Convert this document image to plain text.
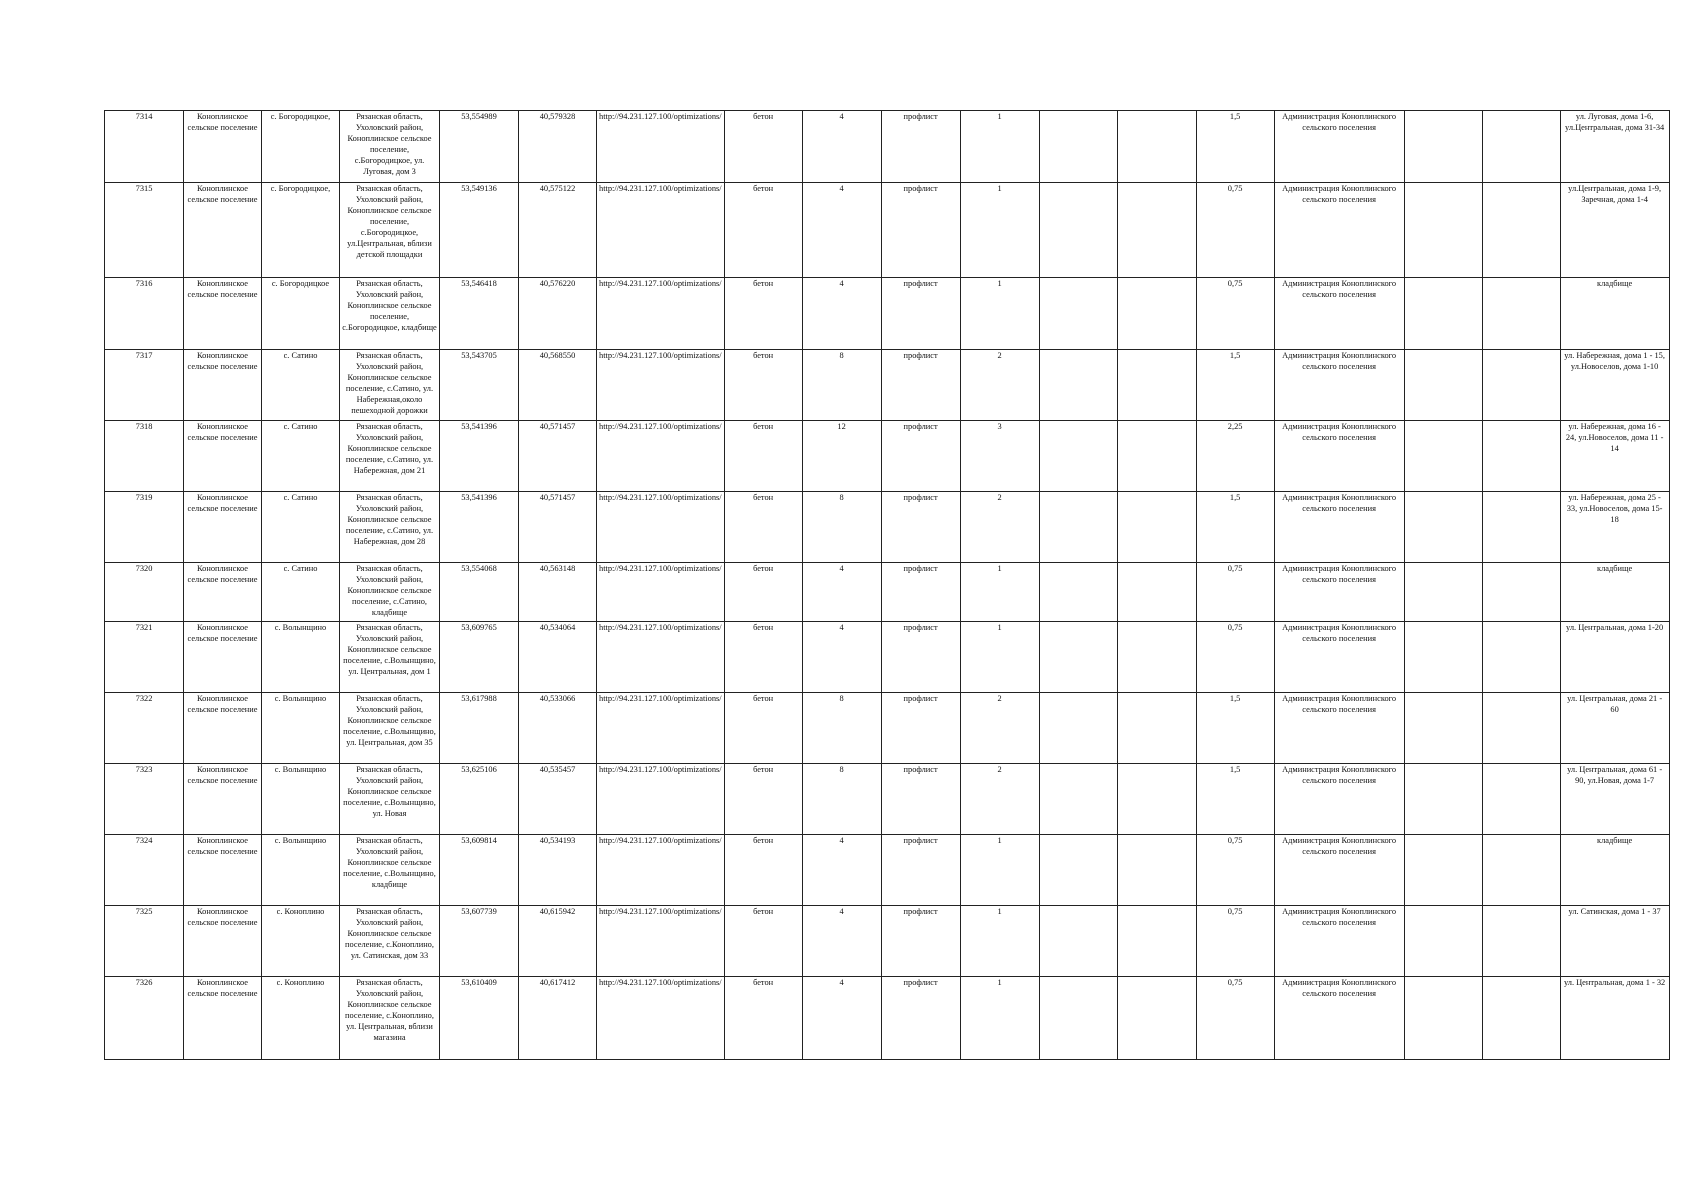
7314	Коноплинское сельское поселение	с. Богородицкое,	Рязанская область, Ухоловский район, Коноплинское сельское поселение, с.Богородицкое, ул. Луговая, дом 3	53,554989	40,579328	http://94.231.127.100/optimizations/	бетон	4	профлист	1			1,5	Администрация Коноплинского сельского поселения			ул. Луговая, дома 1-6, ул.Центральная, дома 31-34
7315	Коноплинское сельское поселение	с. Богородицкое,	Рязанская область, Ухоловский район, Коноплинское сельское поселение, с.Богородицкое, ул.Центральная, вблизи детской площадки	53,549136	40,575122	http://94.231.127.100/optimizations/	бетон	4	профлист	1			0,75	Администрация Коноплинского сельского поселения			ул.Центральная, дома 1-9, Заречная, дома 1-4
7316	Коноплинское сельское поселение	с. Богородицкое	Рязанская область, Ухоловский район, Коноплинское сельское поселение, с.Богородицкое, кладбище	53,546418	40,576220	http://94.231.127.100/optimizations/	бетон	4	профлист	1			0,75	Администрация Коноплинского сельского поселения			кладбище
7317	Коноплинское сельское поселение	с. Сатино	Рязанская область, Ухоловский район, Коноплинское сельское поселение, с.Сатино, ул. Набережная,около пешеходной дорожки	53,543705	40,568550	http://94.231.127.100/optimizations/	бетон	8	профлист	2			1,5	Администрация Коноплинского сельского поселения			ул. Набережная, дома 1 - 15, ул.Новоселов, дома 1-10
7318	Коноплинское сельское поселение	с. Сатино	Рязанская область, Ухоловский район, Коноплинское сельское поселение, с.Сатино, ул. Набережная, дом 21	53,541396	40,571457	http://94.231.127.100/optimizations/	бетон	12	профлист	3			2,25	Администрация Коноплинского сельского поселения			ул. Набережная, дома 16 - 24, ул.Новоселов, дома 11 - 14
7319	Коноплинское сельское поселение	с. Сатино	Рязанская область, Ухоловский район, Коноплинское сельское поселение, с.Сатино, ул. Набережная, дом 28	53,541396	40,571457	http://94.231.127.100/optimizations/	бетон	8	профлист	2			1,5	Администрация Коноплинского сельского поселения			ул. Набережная, дома 25 - 33, ул.Новоселов, дома 15-18
7320	Коноплинское сельское поселение	с. Сатино	Рязанская область, Ухоловский район, Коноплинское сельское поселение, с.Сатино, кладбище	53,554068	40,563148	http://94.231.127.100/optimizations/	бетон	4	профлист	1			0,75	Администрация Коноплинского сельского поселения			кладбище
7321	Коноплинское сельское поселение	с. Волынщино	Рязанская область, Ухоловский район, Коноплинское сельское поселение, с.Волынщино, ул. Центральная, дом 1	53,609765	40,534064	http://94.231.127.100/optimizations/	бетон	4	профлист	1			0,75	Администрация Коноплинского сельского поселения			ул. Центральная, дома 1-20
7322	Коноплинское сельское поселение	с. Волынщино	Рязанская область, Ухоловский район, Коноплинское сельское поселение, с.Волынщино, ул. Центральная, дом 35	53,617988	40,533066	http://94.231.127.100/optimizations/	бетон	8	профлист	2			1,5	Администрация Коноплинского сельского поселения			ул. Центральная, дома 21 - 60
7323	Коноплинское сельское поселение	с. Волынщино	Рязанская область, Ухоловский район, Коноплинское сельское поселение, с.Волынщино, ул. Новая	53,625106	40,535457	http://94.231.127.100/optimizations/	бетон	8	профлист	2			1,5	Администрация Коноплинского сельского поселения			ул. Центральная, дома 61 - 90, ул.Новая, дома 1-7
7324	Коноплинское сельское поселение	с. Волынщино	Рязанская область, Ухоловский район, Коноплинское сельское поселение, с.Волынщино, кладбище	53,609814	40,534193	http://94.231.127.100/optimizations/	бетон	4	профлист	1			0,75	Администрация Коноплинского сельского поселения			кладбище
7325	Коноплинское сельское поселение	с. Коноплино	Рязанская область, Ухоловский район, Коноплинское сельское поселение, с.Коноплино, ул. Сатинская, дом 33	53,607739	40,615942	http://94.231.127.100/optimizations/	бетон	4	профлист	1			0,75	Администрация Коноплинского сельского поселения			ул. Сатинская, дома 1 - 37
7326	Коноплинское сельское поселение	с. Коноплино	Рязанская область, Ухоловский район, Коноплинское сельское поселение, с.Коноплино, ул. Центральная, вблизи магазина	53,610409	40,617412	http://94.231.127.100/optimizations/	бетон	4	профлист	1			0,75	Администрация Коноплинского сельского поселения			ул. Центральная, дома 1 - 32
